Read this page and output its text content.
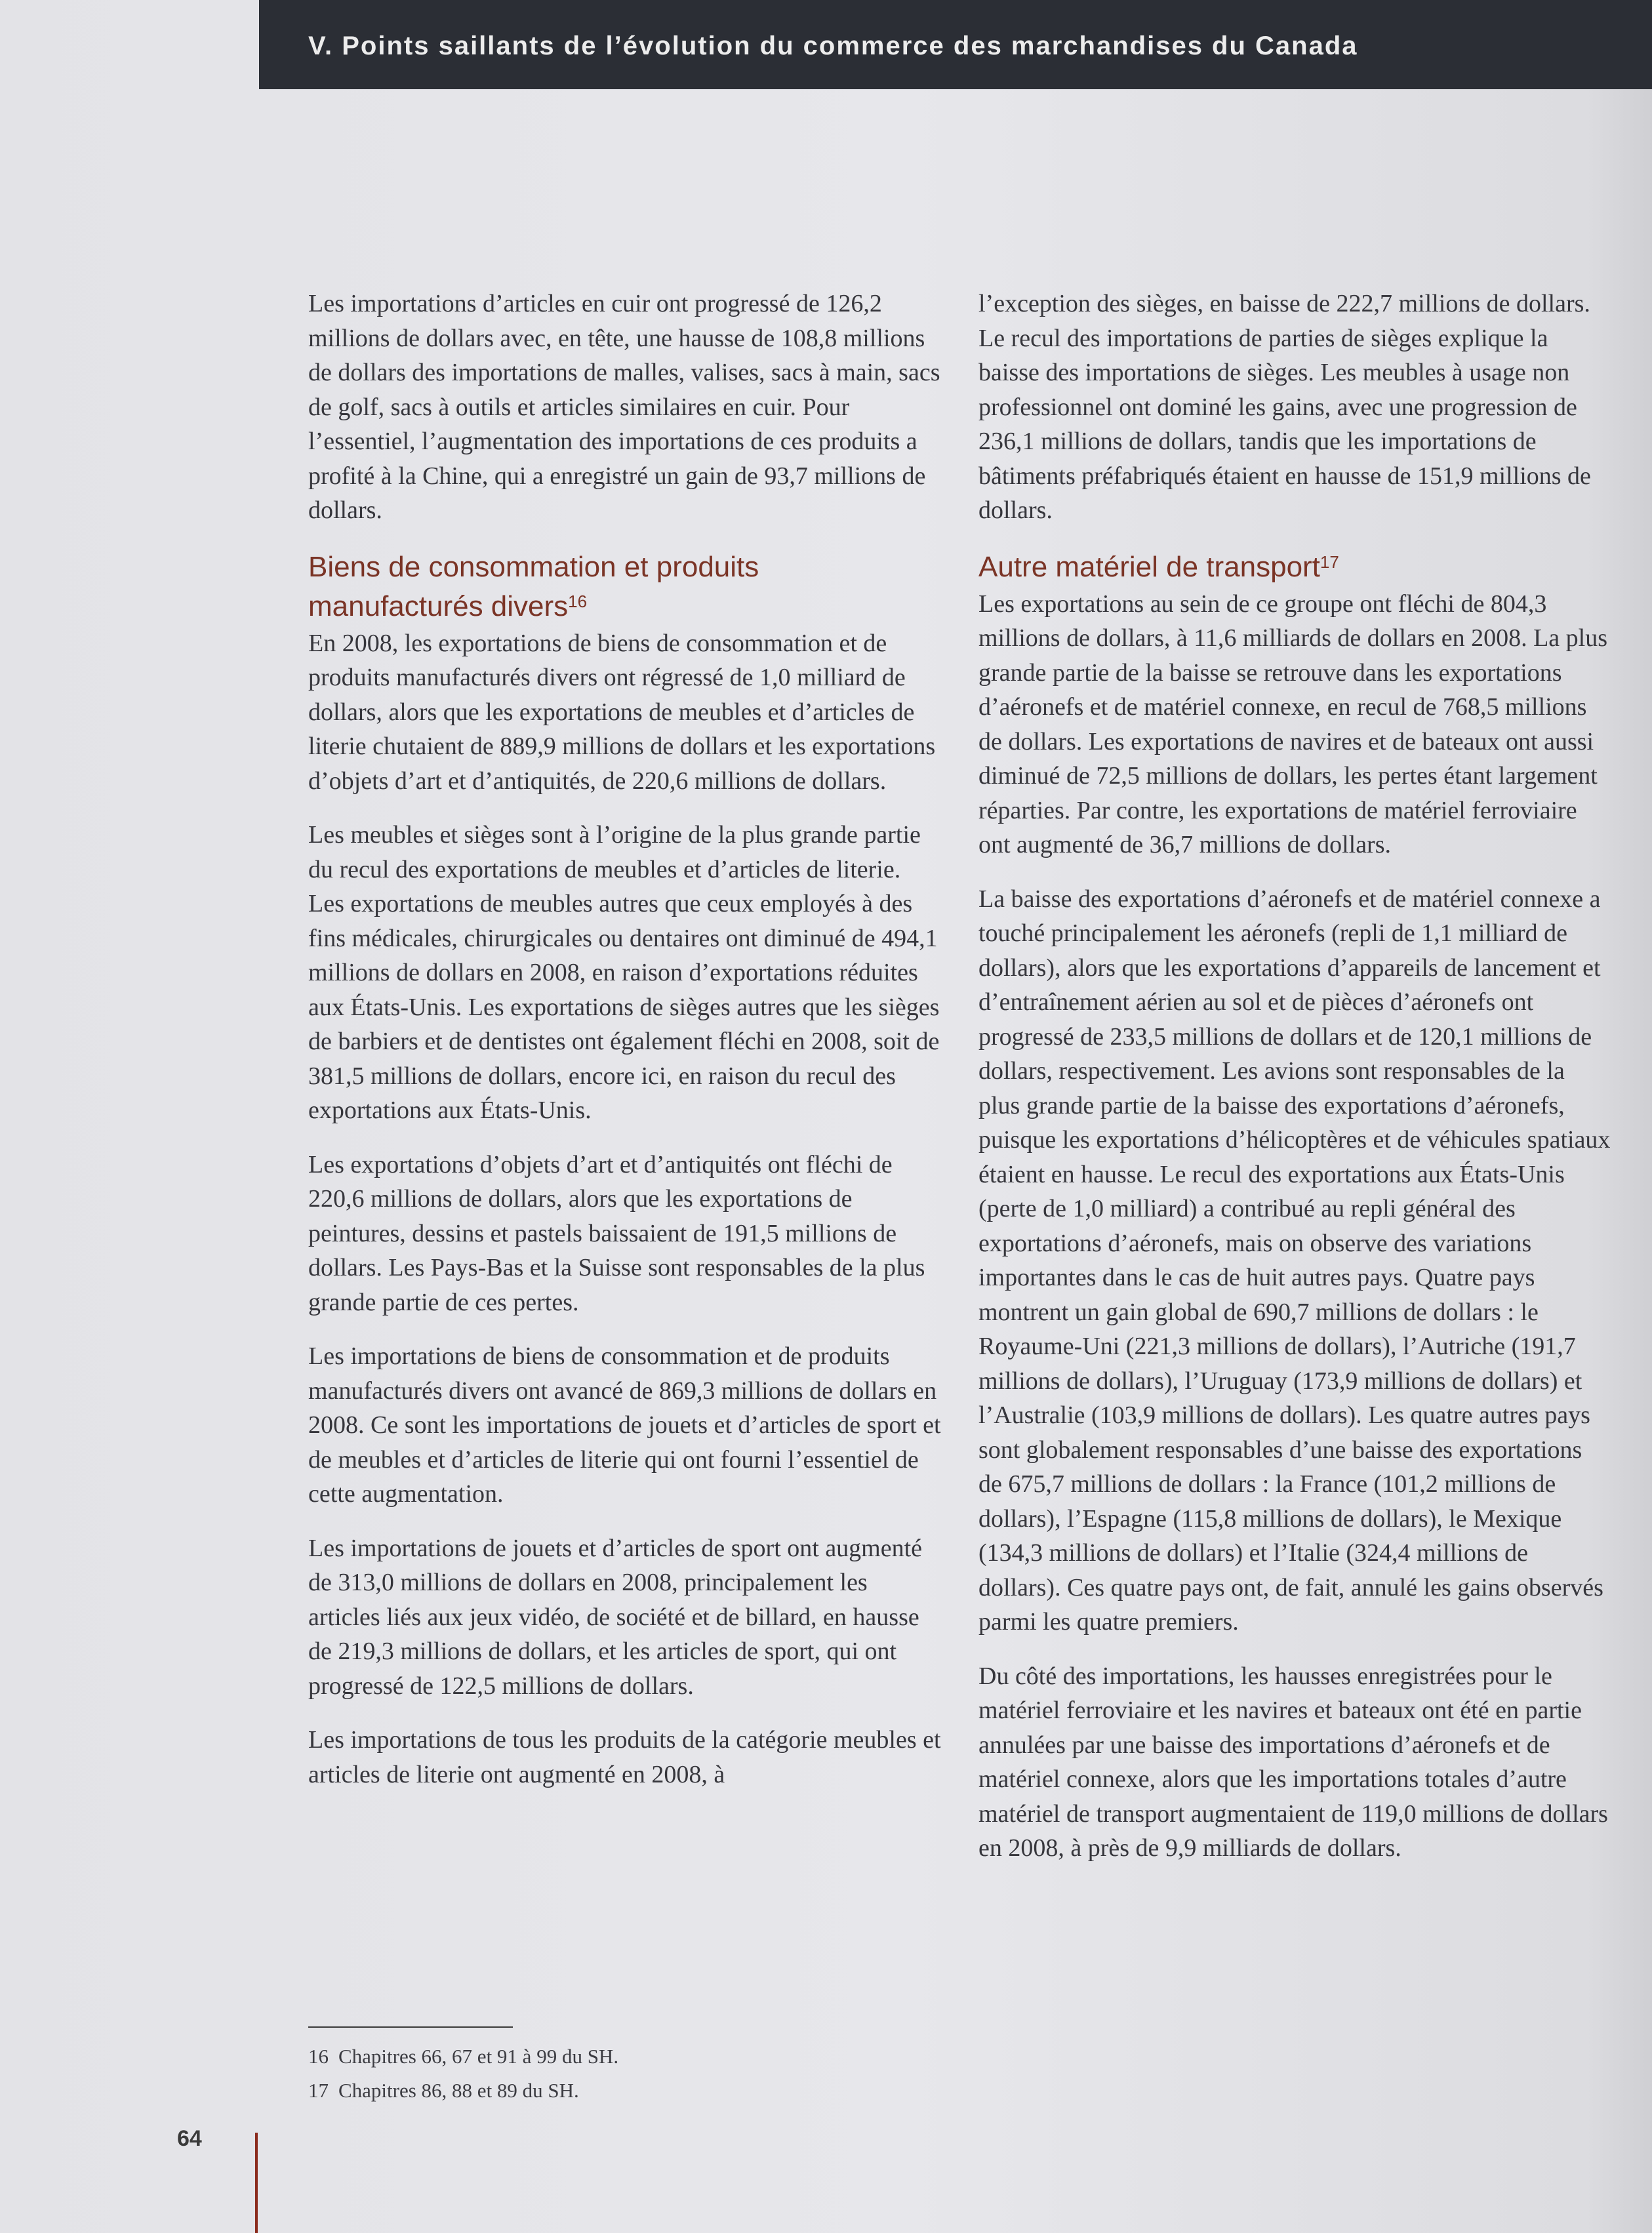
V. Points saillants de l’évolution du commerce des marchandises du Canada

Les importations d’articles en cuir ont progressé de 126,2 millions de dollars avec, en tête, une hausse de 108,8 millions de dollars des importations de malles, valises, sacs à main, sacs de golf, sacs à outils et articles similaires en cuir. Pour l’essentiel, l’augmentation des importations de ces produits a profité à la Chine, qui a enregistré un gain de 93,7 millions de dollars.

Biens de consommation et produits manufacturés divers$^{16}$

En 2008, les exportations de biens de consommation et de produits manufacturés divers ont régressé de 1,0 milliard de dollars, alors que les exportations de meubles et d’articles de literie chutaient de 889,9 millions de dollars et les exportations d’objets d’art et d’antiquités, de 220,6 millions de dollars.

Les meubles et sièges sont à l’origine de la plus grande partie du recul des exportations de meubles et d’articles de literie. Les exportations de meubles autres que ceux employés à des fins médicales, chirurgicales ou dentaires ont diminué de 494,1 millions de dollars en 2008, en raison d’exportations réduites aux États-Unis. Les exportations de sièges autres que les sièges de barbiers et de dentistes ont également fléchi en 2008, soit de 381,5 millions de dollars, encore ici, en raison du recul des exportations aux États-Unis.

Les exportations d’objets d’art et d’antiquités ont fléchi de 220,6 millions de dollars, alors que les exportations de peintures, dessins et pastels baissaient de 191,5 millions de dollars. Les Pays-Bas et la Suisse sont responsables de la plus grande partie de ces pertes.

Les importations de biens de consommation et de produits manufacturés divers ont avancé de 869,3 millions de dollars en 2008. Ce sont les importations de jouets et d’articles de sport et de meubles et d’articles de literie qui ont fourni l’essentiel de cette augmentation.

Les importations de jouets et d’articles de sport ont augmenté de 313,0 millions de dollars en 2008, principalement les articles liés aux jeux vidéo, de société et de billard, en hausse de 219,3 millions de dollars, et les articles de sport, qui ont progressé de 122,5 millions de dollars.

Les importations de tous les produits de la catégorie meubles et articles de literie ont augmenté en 2008, à

l’exception des sièges, en baisse de 222,7 millions de dollars. Le recul des importations de parties de sièges explique la baisse des importations de sièges. Les meubles à usage non professionnel ont dominé les gains, avec une progression de 236,1 millions de dollars, tandis que les importations de bâtiments préfabriqués étaient en hausse de 151,9 millions de dollars.

Autre matériel de transport$^{17}$

Les exportations au sein de ce groupe ont fléchi de 804,3 millions de dollars, à 11,6 milliards de dollars en 2008. La plus grande partie de la baisse se retrouve dans les exportations d’aéronefs et de matériel connexe, en recul de 768,5 millions de dollars. Les exportations de navires et de bateaux ont aussi diminué de 72,5 millions de dollars, les pertes étant largement réparties. Par contre, les exportations de matériel ferroviaire ont augmenté de 36,7 millions de dollars.

La baisse des exportations d’aéronefs et de matériel connexe a touché principalement les aéronefs (repli de 1,1 milliard de dollars), alors que les exportations d’appareils de lancement et d’entraînement aérien au sol et de pièces d’aéronefs ont progressé de 233,5 millions de dollars et de 120,1 millions de dollars, respectivement. Les avions sont responsables de la plus grande partie de la baisse des exportations d’aéronefs, puisque les exportations d’hélicoptères et de véhicules spatiaux étaient en hausse. Le recul des exportations aux États-Unis (perte de 1,0 milliard) a contribué au repli général des exportations d’aéronefs, mais on observe des variations importantes dans le cas de huit autres pays. Quatre pays montrent un gain global de 690,7 millions de dollars : le Royaume-Uni (221,3 millions de dollars), l’Autriche (191,7 millions de dollars), l’Uruguay (173,9 millions de dollars) et l’Australie (103,9 millions de dollars). Les quatre autres pays sont globalement responsables d’une baisse des exportations de 675,7 millions de dollars : la France (101,2 millions de dollars), l’Espagne (115,8 millions de dollars), le Mexique (134,3 millions de dollars) et l’Italie (324,4 millions de dollars). Ces quatre pays ont, de fait, annulé les gains observés parmi les quatre premiers.

Du côté des importations, les hausses enregistrées pour le matériel ferroviaire et les navires et bateaux ont été en partie annulées par une baisse des importations d’aéronefs et de matériel connexe, alors que les importations totales d’autre matériel de transport augmentaient de 119,0 millions de dollars en 2008, à près de 9,9 milliards de dollars.

16 Chapitres 66, 67 et 91 à 99 du SH.
17 Chapitres 86, 88 et 89 du SH.
64
